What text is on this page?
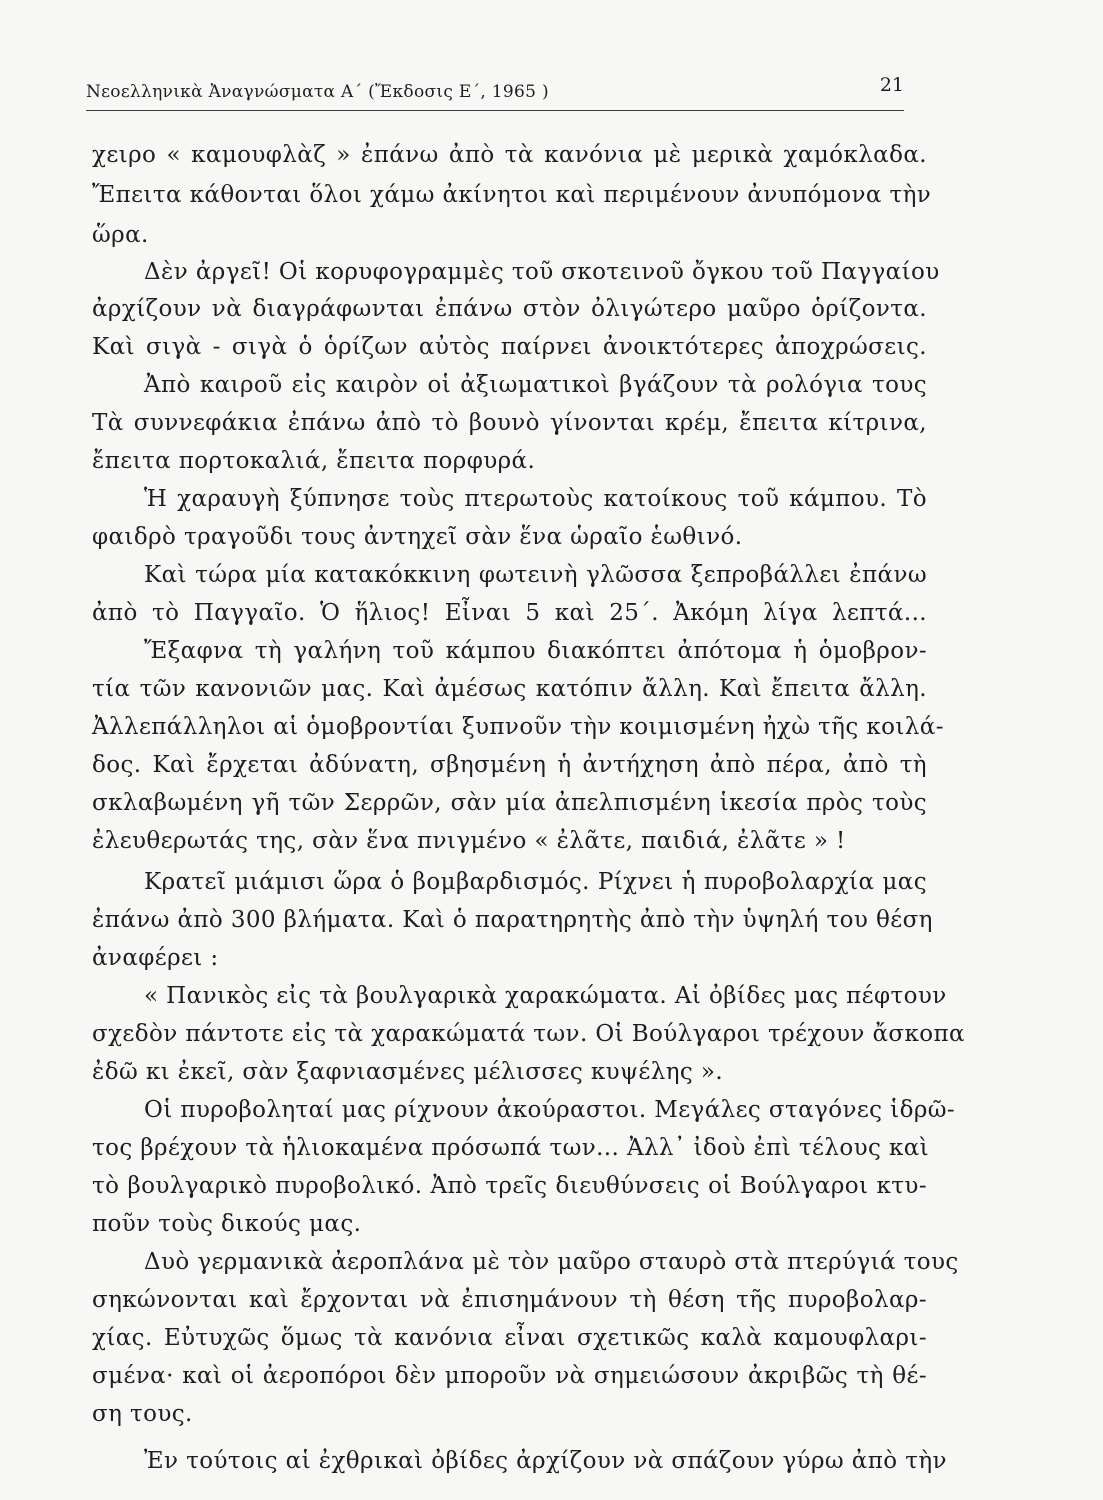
Νεοελληνικὰ Ἀναγνώσματα Α΄ (Ἔκδοσις Ε΄, 1965 )	21
χειρο « καμουφλὰζ » ἐπάνω ἀπὸ τὰ κανόνια μὲ μερικὰ χαμόκλαδα.
Ἔπειτα κάθονται ὅλοι χάμω ἀκίνητοι καὶ περιμένουν ἀνυπόμονα τὴν
ὥρα.
Δὲν ἀργεῖ! Οἱ κορυφογραμμὲς τοῦ σκοτεινοῦ ὄγκου τοῦ Παγγαίου
ἀρχίζουν νὰ διαγράφωνται ἐπάνω στὸν ὀλιγώτερο μαῦρο ὁρίζοντα.
Καὶ σιγὰ - σιγὰ ὁ ὁρίζων αὐτὸς παίρνει ἀνοικτότερες ἀποχρώσεις.
Ἀπὸ καιροῦ εἰς καιρὸν οἱ ἀξιωματικοὶ βγάζουν τὰ ρολόγια τους
Τὰ συννεφάκια ἐπάνω ἀπὸ τὸ βουνὸ γίνονται κρέμ, ἔπειτα κίτρινα,
ἔπειτα πορτοκαλιά, ἔπειτα πορφυρά.
Ἡ χαραυγὴ ξύπνησε τοὺς πτερωτοὺς κατοίκους τοῦ κάμπου. Τὸ
φαιδρὸ τραγοῦδι τους ἀντηχεῖ σὰν ἕνα ὡραῖο ἑωθινό.
Καὶ τώρα μία κατακόκκινη φωτεινὴ γλῶσσα ξεπροβάλλει ἐπάνω
ἀπὸ τὸ Παγγαῖο. Ὁ ἥλιος! Εἶναι 5 καὶ 25΄. Ἀκόμη λίγα λεπτά...
Ἔξαφνα τὴ γαλήνη τοῦ κάμπου διακόπτει ἀπότομα ἡ ὁμοβρον-
τία τῶν κανονιῶν μας. Καὶ ἀμέσως κατόπιν ἄλλη. Καὶ ἔπειτα ἄλλη.
Ἀλλεπάλληλοι αἱ ὁμοβροντίαι ξυπνοῦν τὴν κοιμισμένη ἠχὼ τῆς κοιλά-
δος. Καὶ ἔρχεται ἀδύνατη, σβησμένη ἡ ἀντήχηση ἀπὸ πέρα, ἀπὸ τὴ
σκλαβωμένη γῆ τῶν Σερρῶν, σὰν μία ἀπελπισμένη ἱκεσία πρὸς τοὺς
ἐλευθερωτάς της, σὰν ἕνα πνιγμένο « ἐλᾶτε, παιδιά, ἐλᾶτε » !
Κρατεῖ μιάμισι ὥρα ὁ βομβαρδισμός. Ρίχνει ἡ πυροβολαρχία μας
ἐπάνω ἀπὸ 300 βλήματα. Καὶ ὁ παρατηρητὴς ἀπὸ τὴν ὑψηλή του θέση
ἀναφέρει :
« Πανικὸς εἰς τὰ βουλγαρικὰ χαρακώματα. Αἱ ὀβίδες μας πέφτουν
σχεδὸν πάντοτε εἰς τὰ χαρακώματά των. Οἱ Βούλγαροι τρέχουν ἄσκοπα
ἐδῶ κι ἐκεῖ, σὰν ξαφνιασμένες μέλισσες κυψέλης ».
Οἱ πυροβοληταί μας ρίχνουν ἀκούραστοι. Μεγάλες σταγόνες ἱδρῶ-
τος βρέχουν τὰ ἡλιοκαμένα πρόσωπά των... Ἀλλ᾽ ἰδοὺ ἐπὶ τέλους καὶ
τὸ βουλγαρικὸ πυροβολικό. Ἀπὸ τρεῖς διευθύνσεις οἱ Βούλγαροι κτυ-
ποῦν τοὺς δικούς μας.
Δυὸ γερμανικὰ ἀεροπλάνα μὲ τὸν μαῦρο σταυρὸ στὰ πτερύγιά τους
σηκώνονται καὶ ἔρχονται νὰ ἐπισημάνουν τὴ θέση τῆς πυροβολαρ-
χίας. Εὐτυχῶς ὅμως τὰ κανόνια εἶναι σχετικῶς καλὰ καμουφλαρι-
σμένα· καὶ οἱ ἀεροπόροι δὲν μποροῦν νὰ σημειώσουν ἀκριβῶς τὴ θέ-
ση τους.
Ἐν τούτοις αἱ ἐχθρικαὶ ὀβίδες ἀρχίζουν νὰ σπάζουν γύρω ἀπὸ τὴν
